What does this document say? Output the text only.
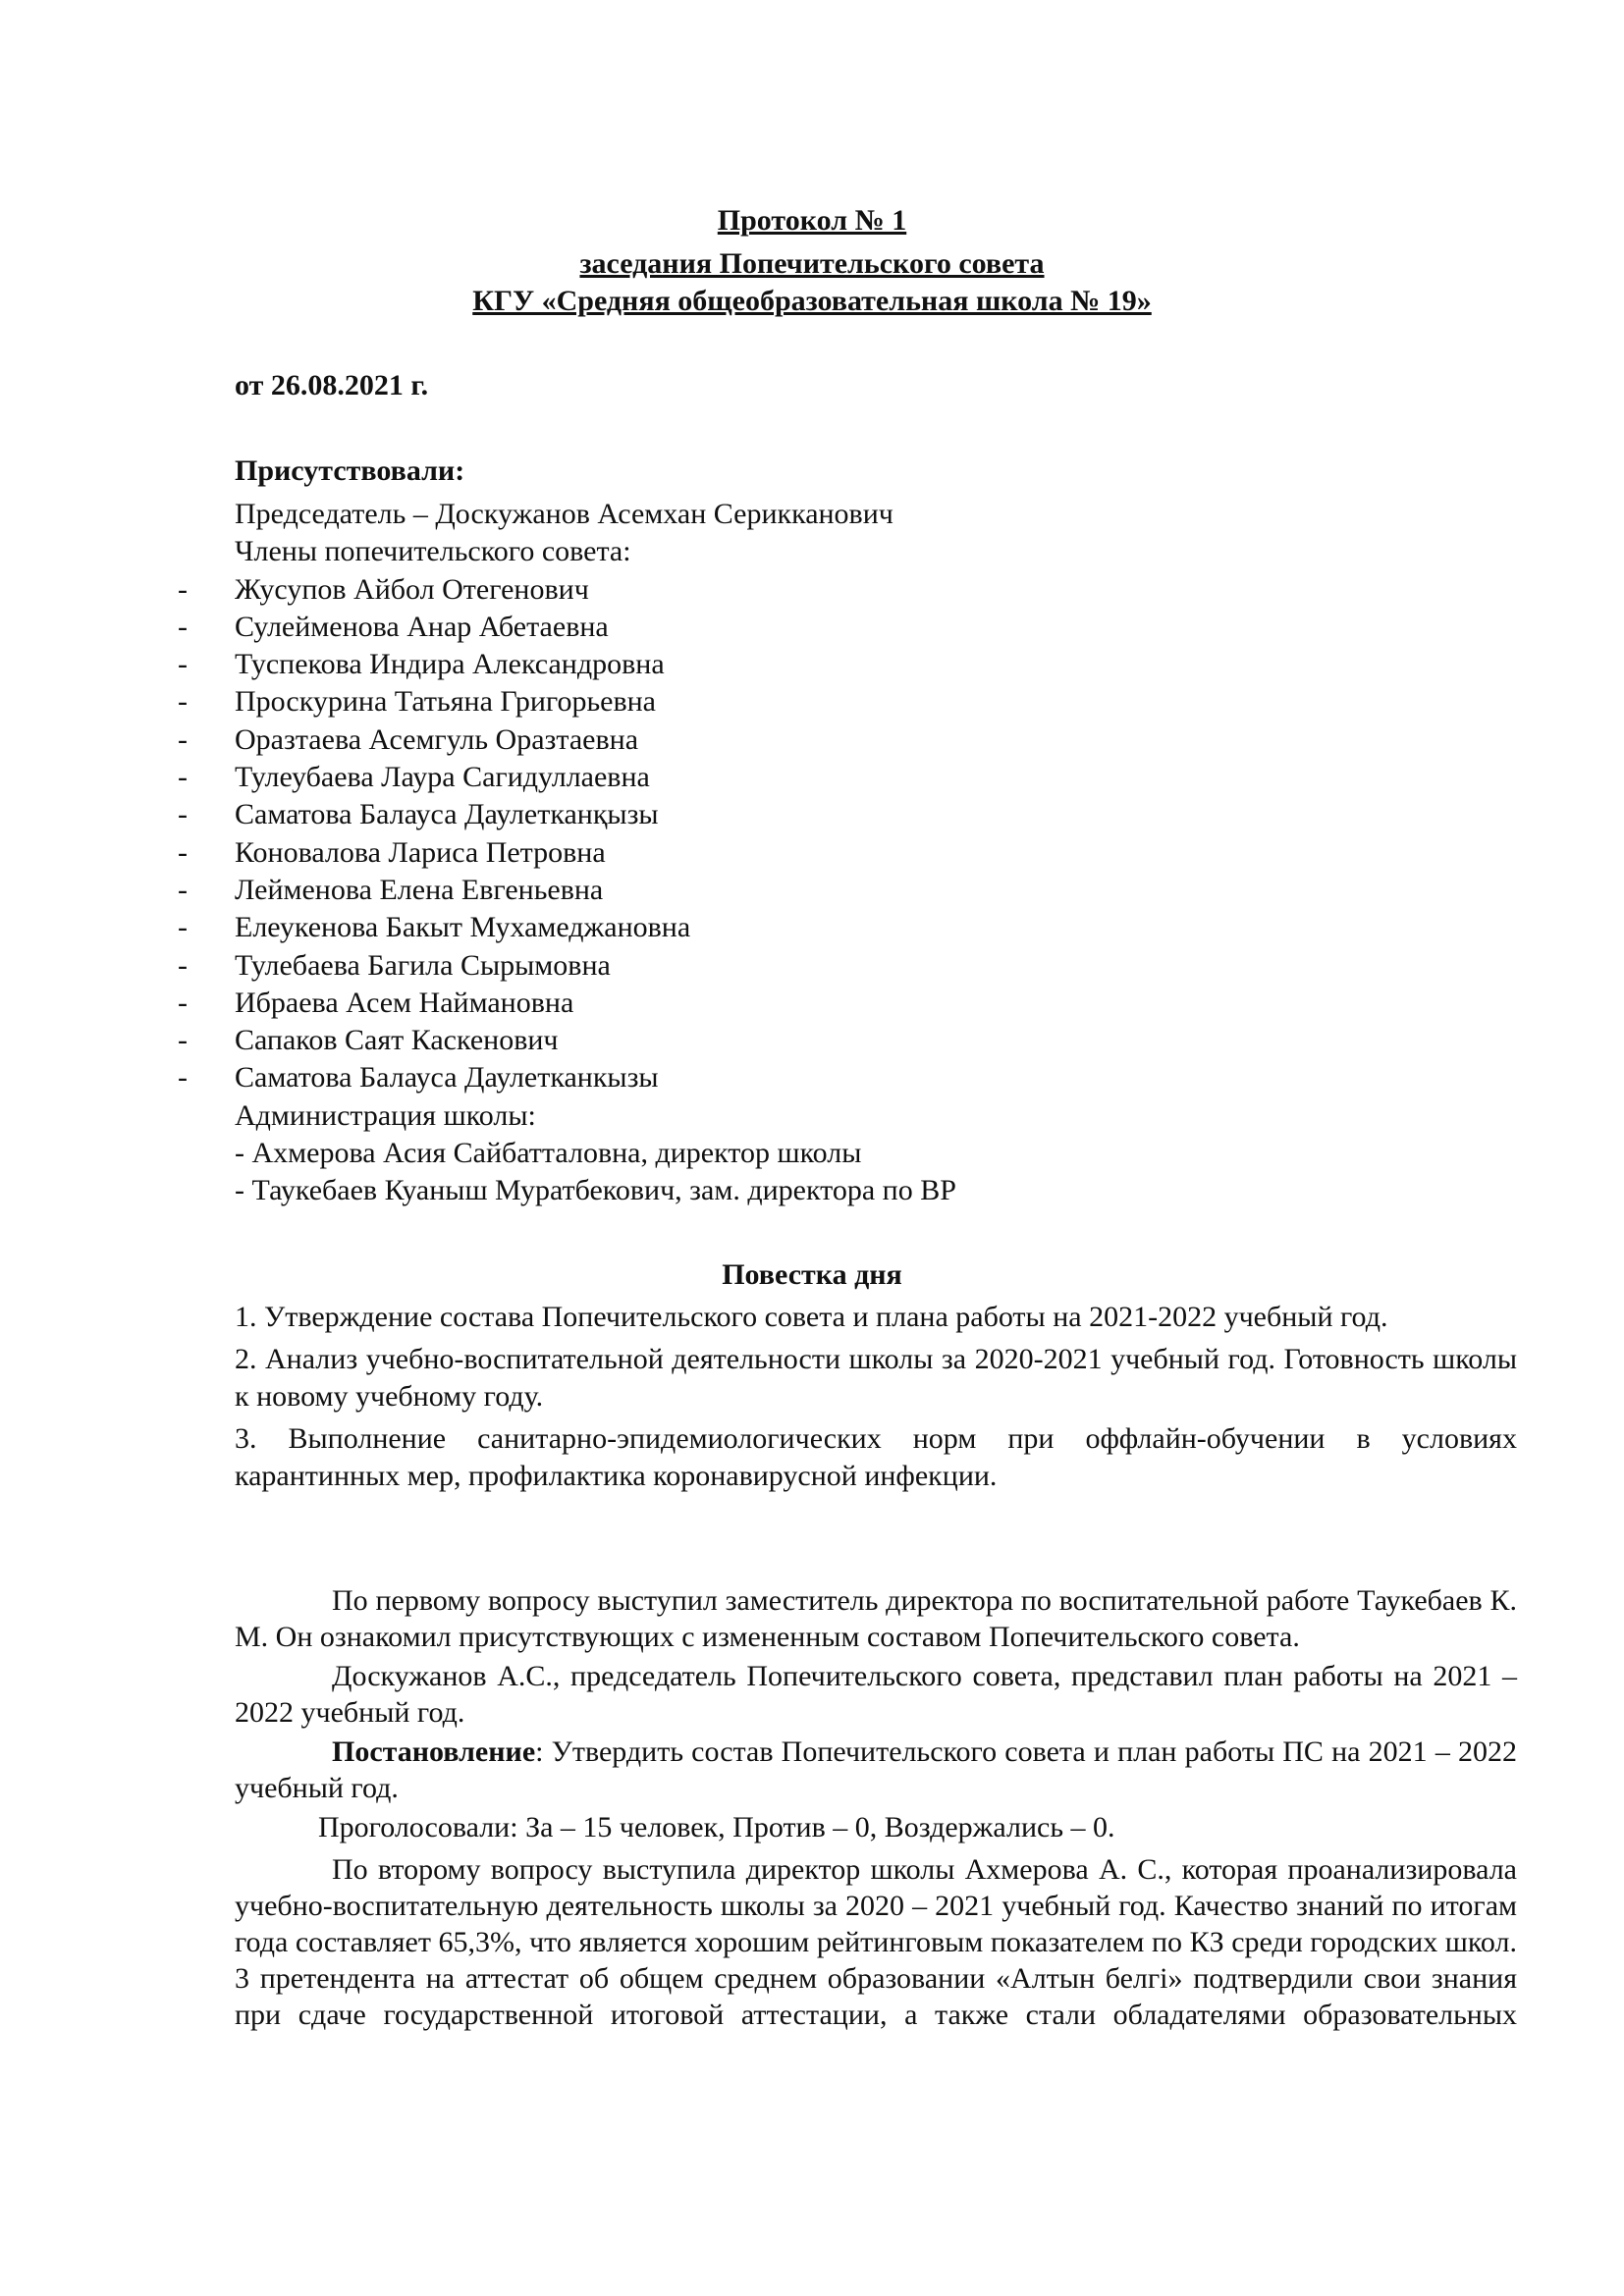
Протокол № 1
заседания Попечительского совета
КГУ «Средняя общеобразовательная школа № 19»
от 26.08.2021 г.
Присутствовали:
Председатель – Доскужанов Асемхан Серикканович
Члены попечительского совета:
- Жусупов Айбол Отегенович
- Сулейменова Анар Абетаевна
- Туспекова Индира Александровна
- Проскурина Татьяна Григорьевна
- Оразтаева Асемгуль Оразтаевна
- Тулеубаева Лаура Сагидуллаевна
- Саматова Балауса Даулетканқызы
- Коновалова Лариса Петровна
- Лейменова Елена Евгеньевна
- Елеукенова Бакыт Мухамеджановна
- Тулебаева Багила Сырымовна
- Ибраева Асем Наймановна
- Сапаков Саят Каскенович
- Саматова Балауса Даулетканкызы
Администрация школы:
- Ахмерова Асия Сайбатталовна, директор школы
- Таукебаев Куаныш Муратбекович, зам. директора по ВР
Повестка дня

1. Утверждение состава Попечительского совета и плана работы на 2021-2022 учебный год.

2. Анализ учебно-воспитательной деятельности школы за 2020-2021 учебный год. Готовность школы к новому учебному году.

3. Выполнение санитарно-эпидемиологических норм при оффлайн-обучении в условиях карантинных мер, профилактика коронавирусной инфекции.

По первому вопросу выступил заместитель директора по воспитательной работе Таукебаев К. М. Он ознакомил присутствующих с измененным составом Попечительского совета.

Доскужанов А.С., председатель Попечительского совета, представил план работы на 2021 – 2022 учебный год.

Постановление: Утвердить состав Попечительского совета и план работы ПС на 2021 – 2022 учебный год.

Проголосовали: За – 15 человек, Против – 0, Воздержались – 0.

По второму вопросу выступила директор школы Ахмерова А. С., которая проанализировала учебно-воспитательную деятельность школы за 2020 – 2021 учебный год. Качество знаний по итогам года составляет 65,3%, что является хорошим рейтинговым показателем по КЗ среди городских школ. 3 претендента на аттестат об общем среднем образовании «Алтын белгі» подтвердили свои знания при сдаче государственной итоговой аттестации, а также стали обладателями образовательных
